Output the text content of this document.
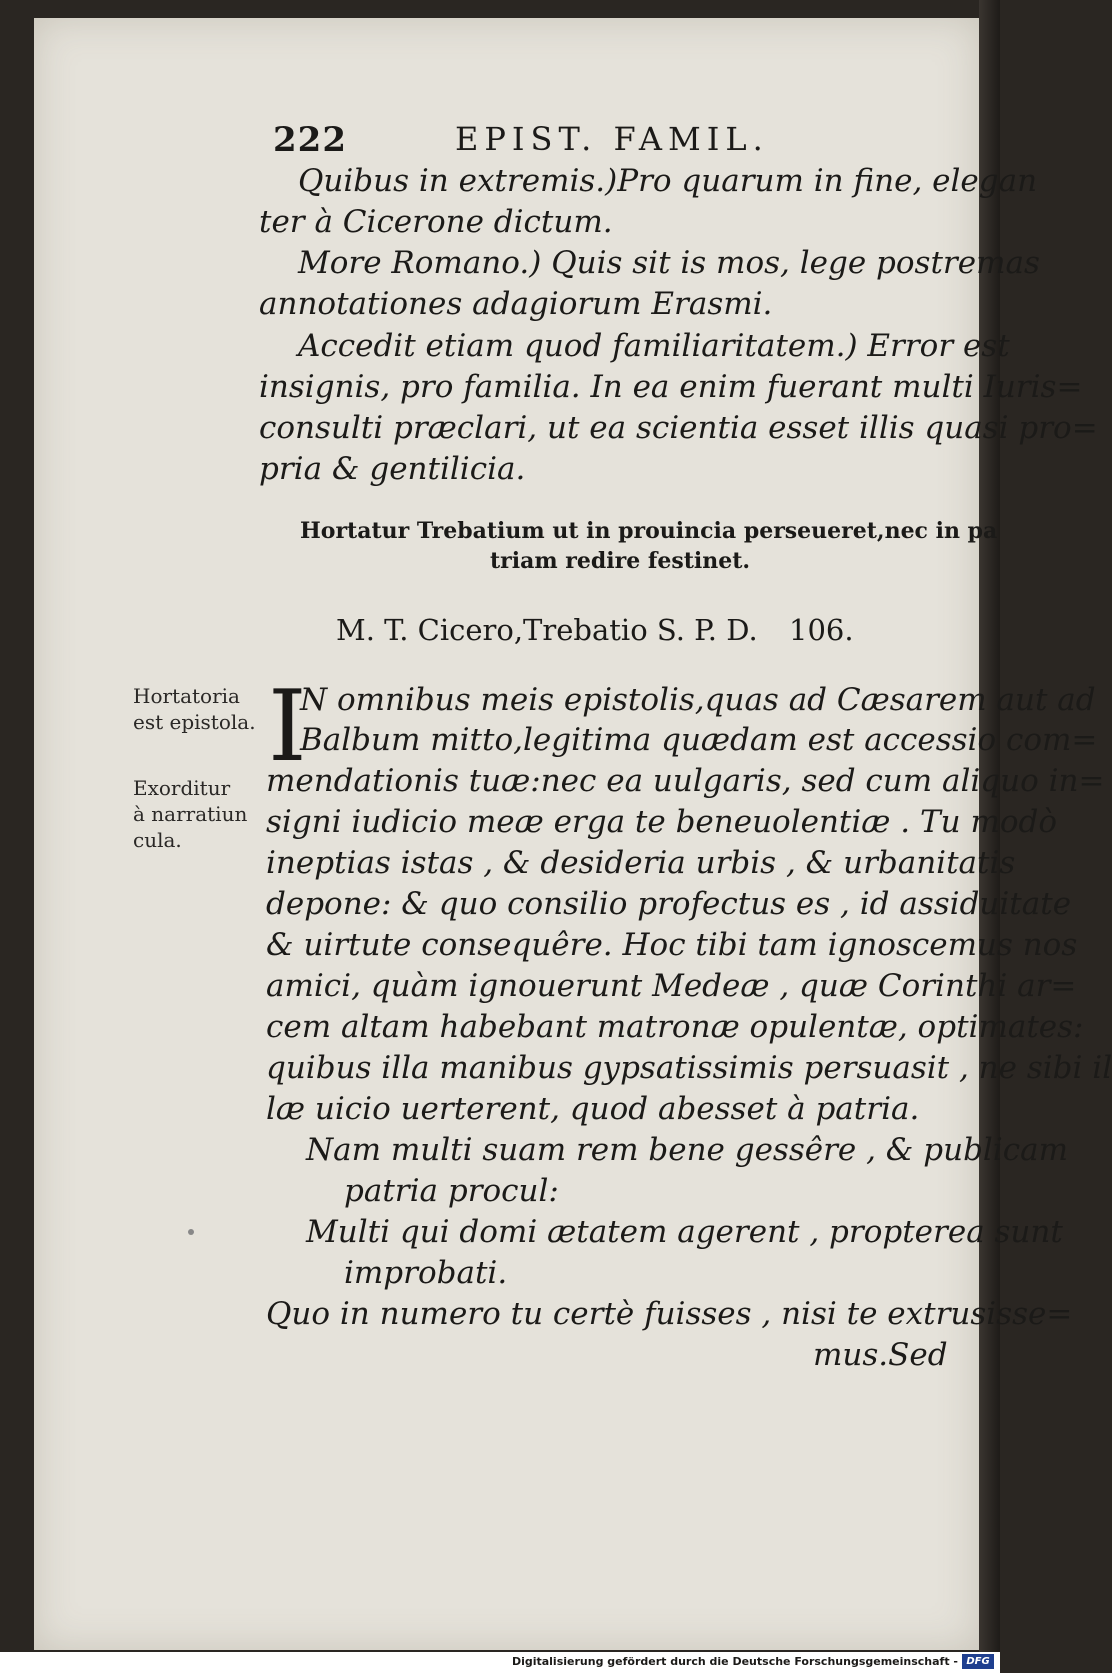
222	EPIST. FAMIL.
Quibus in extremis.)Pro quarum in fine, elegan
ter à Cicerone dictum.
More Romano.) Quis sit is mos, lege postremas
annotationes adagiorum Erasmi.
Accedit etiam quod familiaritatem.) Error est
insignis, pro familia. In ea enim fuerant multi Iuris=
consulti præclari, ut ea scientia esset illis quasi pro=
pria & gentilicia.
Hortatur Trebatium ut in prouincia perseueret,nec in pa
triam redire festinet.
M. T. Cicero,Trebatio S. P. D. 106.
Hortatoria
est epistola.
Exorditur
à narratiun
cula.
I
N omnibus meis epistolis,quas ad Cæsarem aut ad
Balbum mitto,legitima quædam est accessio com=
mendationis tuæ:nec ea uulgaris, sed cum aliquo in=
signi iudicio meæ erga te beneuolentiæ . Tu modò
ineptias istas , & desideria urbis , & urbanitatis
depone: & quo consilio profectus es , id assiduitate
& uirtute consequêre. Hoc tibi tam ignoscemus nos
amici, quàm ignouerunt Medeæ , quæ Corinthi ar=
cem altam habebant matronæ opulentæ, optimates:
quibus illa manibus gypsatissimis persuasit , ne sibi il
læ uicio uerterent, quod abesset à patria.
Nam multi suam rem bene gessêre , & publicam
patria procul:
Multi qui domi ætatem agerent , propterea sunt
improbati.
Quo in numero tu certè fuisses , nisi te extrusisse=
mus.Sed
Digitalisierung gefördert durch die Deutsche Forschungsgemeinschaft - DFG
